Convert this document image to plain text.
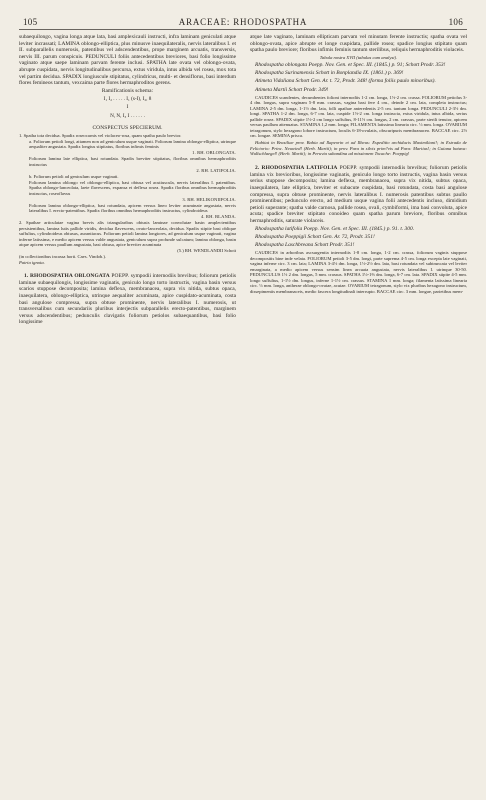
105	ARACEAE: RHODOSPATHA	106

subaequilongo, vagina longa atque lata, basi amplexicauli instructi, infra laminam geniculati atque leviter incrassati; LAMINA oblongo-elliptica, plus minusve inaequilateralis, nervis lateralibus I. et II. subparallelis numerosis, patentibus vel adscendentibus, prope marginem arcuatis, transversis, nervis III. parum conspicuis. PEDUNCULI foliis antecedentibus breviores, basi folio longissime vaginato atque saepe laminam parvam ferente inclusi. SPATHA late ovata vel oblongo-ovata, abrupte cuspidata, nervis longitudinalibus percursa, extus viridula, intus albida vel rosea, mox tota vel partim decidua. SPADIX longiuscule stipitatus, cylindricus, multi- et densiflorus, basi interdum flores femineos tantum, vexcaima parte flores hermaphroditos gerens.

Ramificationis schema:

I₁ I₂ . . . . . I₁ (s-I), I₂, 8

I

N, N, I₃ I . . . . . .

CONSPECTUS SPECIERUM.

1. Spatha tota decidua. Spadix roseocarnis vel violaceo-rosa, quam spatha paulo brevior.

a. Foliorum petioli longi, attamen non ad geniculum usque vaginati. Foliorum lamina oblongo-elliptica, utrinque aequaliter angustata. Spadix longius stipitatus, floribus infimis feminis

1. RH. OBLONGATA.

Foliorum lamina late elliptica, basi rotundata. Spadix breviter stipitatus, floribus omnibus hermaphroditis instructus

2. RH. LATIFOLIA.

b. Foliorum petioli ad geniculum usque vaginati.

Foliorum lamina oblongo vel oblongo-elliptica, basi obtusa vel acutiuscula, nervis lateralibus I. patentibus. Spatha oblongo-lanceolata, laete flavescens, expansa et deflexa rosea. Spadix floribus omnibus hermaphroditis instructus, roseoflavus

3. RH. HELIKONIIFOLIA.

Foliorum lamina oblongo-elliptica, basi rotundata, apicem versus lineo leviter acuminate angustata, nervis lateralibus I. erecto-patentibus. Spadix floribus omnibus hermaphroditis instructus, cylindroideus

4. RH. BLANDA.

2. Spathae articulatae vagina brevis alis triangularibus obtusis laminae convolutae basin amplectentibus persistentibus, lamina lutis pallide viridis, decidua flavescens, ovato-lanceolata, decidua. Spadix stipite basi oblique suffultus, cylindroideus obtusus, aurantiacus. Foliorum petioli lamina longiores, ad geniculum usque vaginati, vagina inferne latissima, e medio apicem versus valde angustata, geniculum supra profunde sulcatum; lamina oblonga, basin atque apicem versus paullum angustata, basi obtusa, apice breviter acuminata

(5.) RH. WENDLANDII Schott

(in collectionibus incassa horti. Caes. Vindob.).

Patria ignota.

1. RHODOSPATHA OBLONGATA POEPP. sympodii internodiis brevibus; foliorum petiolis laminae subaequilongis, longissime vaginatis, geniculo longo torto instructis, vagina basin versus scarios stuppose decomposita; lamina deflexa, membranacea, supra vix nitida, subtus opaca, inaequilatera, oblongo-elliptica, utrinque aequaliter acuminata, apice cuspidato-acuminata, costa basi angulose compressa, supra obtuse prominente, nervis lateralibus I. numerosis, ut transversalibus cum secundariis pluribus interjectis subparallelis erecto-patentibus, marginem versus adscendentibus; pedunculis clavigatis foliorum petiolos subaequantibus, basi folio longissime

atque late vaginato, laminam ellipticam parvam vel minutam ferente instructis; spatha ovata vel oblongo-ovata, apice abrupte et longe cuspidata, pallide rosea; spadice longius stipitato quam spatha paulo breviore; floribus infimis feminis tantum sterilibus, reliquis hermaphroditis violaceis.

Tabula nostra XVII (tabulas cum analysi).

Rhodospatha oblongata Poepp. Nov. Gen. et Spec. III. (1845.) p. 91; Schott Prodr. 353!

Rhodospatha Surinamensis Schott in Bonplandia IX. (1861.) p. 369!

Atimeta Vidaliana Schott Gen. Ar. t. 72, Prodr. 348! (forma foliis paulo minoribus).

Atimeta Martii Schott Prodr. 349!

CAUDICES scandentes, decumbentes folioni internodiis 1-2 cm. longa, 1½-2 cm. crassa. FOLIORUM petiolus 3-4 dm. longus, supra vaginam 5-8 mm. crassus, vagina basi fere 4 cm., deinde 2 cm. lata, completa instructus; LAMINA 2-5 dm. longa, 1-1½ dm. lata, folli apathae anteredentis 2-5 cm. tantum longa. PEDUNCULI 2-3½ dm. longi. SPATHA 1-2 dm. longa, 6-7 cm. lata, cuspide 1½-2 cm. longa instructa, extus viridula, intus albida, serius pallide rosea. SPADIX stipite 1½-2 cm longo suffultus, 8-11½ cm. longus, 2 cm. crassus, parte sterili tenuior, apicem versus paullum attenuatus. STAMINA 1,2 mm. longa; FILAMENTA latissima linearia circ. ⅓ mm. longa. OVARIUM tetragonum, stylo hexagono lobore instructum, loculis 6-18-ovulatis, obscuripuris membranaceo. BACCAE circ. 2½ cm. longae. SEMINA prisca.

Habitat in Brasiliae prov. Bahia ad Ilapeorin et ad Ilheus: Espeditio archiducis Maximiliani!; in Estrada de Feliciorio: Princ. Neuwied! (Herb. Martii); in prov. Para in silvis prim?vis ad Para: Martius!; in Guiana batava: Wullschlaegel! (Herb. Martii); in Peruvia subandina ad missionem Tocache: Poeppig!

2. RHODOSPATHA LATIFOLIA POEPP. sympodii internodiis brevibus; foliorum petiolis lamina vix brevioribus, longissime vaginatis, geniculo longo torto instructis, vagina basin versus serius stuppose decomposita; lamina deflexa, membranacea, supra vix nitida, subtus opaca, inaequilatera, late elliptica, breviter et subacute cuspidata, basi rotundata, costa basi angulose compressa, supra obtuse prominente, nervis lateralibus I. numerosis patentibus subtus paullo prominentibus; pedunculo erecto, ad medium usque vagina folii antecedentis incluso, dimidium petioli superante; spatha valde carnosa, pallide rosea, ovali, cymbiformi, ima basi convoluta, apice acuta; spadice breviter stipitato conoideo quam spatha parum breviore, floribus omnibus hermaphroditis, saturate violaceis.

Rhodospatha latifolia Poepp. Nov. Gen. et Spec. III. (1845.) p. 91. t. 300.

Rhodospatha Poeppigii Schott Gen. Ar. 72, Prodr. 351!

Rhodospatha Laschbreana Schott Prodr. 351!

CAUDICES in arboribus ascsurgentia internodiis 1-8 cm. longa, 1-2 cm. crassa, foliorum vaginis stuppose decompositis bine inde velata. FOLIORUM petioli 3-5 dm. longi, parte suprema 4-5 cm. longa excepta late vaginati, vagina inferne circ. 3 cm. lata; LAMINA 3-4½ dm. longa, 1½-2½ dm. lata, basi rotundata vel subtruncata vel leviter emarginata, a medio apicem versus sensim linea arcuata angustata, nervis lateralibus I. utrinque 30-50. PEDUNCULUS 1½ 2 dm. longus, 5 mm. crassus. SPATHA 1½-1⅔ dm. longa, 6-7 cm. lata. SPADIX stipite 4-5 mm. longo suffultus, 1-1½ dm. longus, inferne 1-1½ cm. crassus. STAMINA 1 mm. longa; filamenta latissima linearia circ. ⅓ mm. longa, antherae oblongo-ovatae, acutae. OVARIUM tetragonum, stylo vix pluribus hexagono instructum, dissepimentis membranaceis, medio fascera longitudinali interrupto. BACCAE circ. 3 mm. longae, parietibus mem-
